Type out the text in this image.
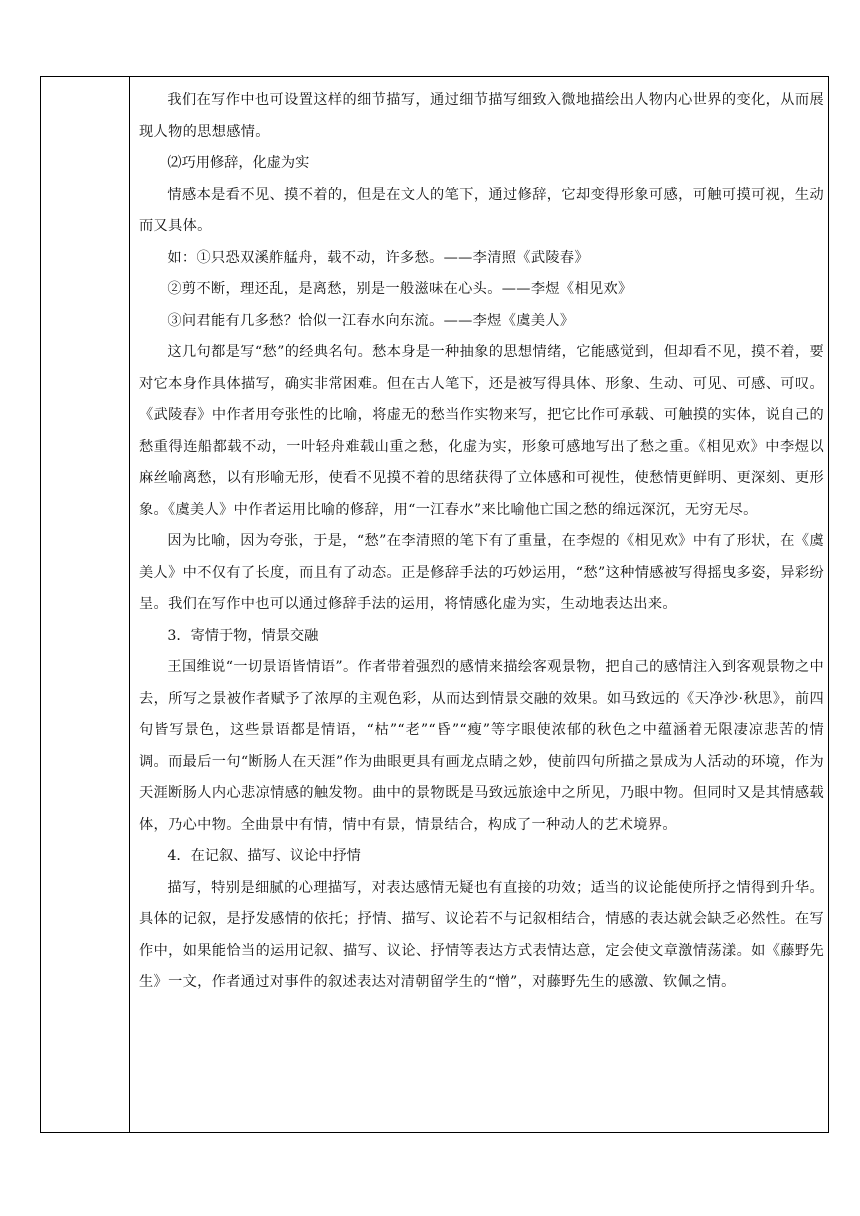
我们在写作中也可设置这样的细节描写，通过细节描写细致入微地描绘出人物内心世界的变化，从而展现人物的思想感情。

⑵巧用修辞，化虚为实

情感本是看不见、摸不着的，但是在文人的笔下，通过修辞，它却变得形象可感，可触可摸可视，生动而又具体。

如：①只恐双溪舴艋舟，载不动，许多愁。——李清照《武陵春》

②剪不断，理还乱，是离愁，别是一般滋味在心头。——李煜《相见欢》

③问君能有几多愁？恰似一江春水向东流。——李煜《虞美人》

这几句都是写“愁”的经典名句。愁本身是一种抽象的思想情绪，它能感觉到，但却看不见，摸不着，要对它本身作具体描写，确实非常困难。但在古人笔下，还是被写得具体、形象、生动、可见、可感、可叹。《武陵春》中作者用夸张性的比喻，将虚无的愁当作实物来写，把它比作可承载、可触摸的实体，说自己的愁重得连船都载不动，一叶轻舟难载山重之愁，化虚为实，形象可感地写出了愁之重。《相见欢》中李煜以麻丝喻离愁，以有形喻无形，使看不见摸不着的思绪获得了立体感和可视性，使愁情更鲜明、更深刻、更形象。《虞美人》中作者运用比喻的修辞，用“一江春水”来比喻他亡国之愁的绵远深沉，无穷无尽。

因为比喻，因为夸张，于是，“愁”在李清照的笔下有了重量，在李煜的《相见欢》中有了形状，在《虞美人》中不仅有了长度，而且有了动态。正是修辞手法的巧妙运用，“愁”这种情感被写得摇曳多姿，异彩纷呈。我们在写作中也可以通过修辞手法的运用，将情感化虚为实，生动地表达出来。

3．寄情于物，情景交融

王国维说“一切景语皆情语”。作者带着强烈的感情来描绘客观景物，把自己的感情注入到客观景物之中去，所写之景被作者赋予了浓厚的主观色彩，从而达到情景交融的效果。如马致远的《天净沙·秋思》，前四句皆写景色，这些景语都是情语，“枯”“老”“昏”“瘦”等字眼使浓郁的秋色之中蕴涵着无限凄凉悲苦的情调。而最后一句“断肠人在天涯”作为曲眼更具有画龙点睛之妙，使前四句所描之景成为人活动的环境，作为天涯断肠人内心悲凉情感的触发物。曲中的景物既是马致远旅途中之所见，乃眼中物。但同时又是其情感载体，乃心中物。全曲景中有情，情中有景，情景结合，构成了一种动人的艺术境界。

4．在记叙、描写、议论中抒情

描写，特别是细腻的心理描写，对表达感情无疑也有直接的功效；适当的议论能使所抒之情得到升华。具体的记叙，是抒发感情的依托；抒情、描写、议论若不与记叙相结合，情感的表达就会缺乏必然性。在写作中，如果能恰当的运用记叙、描写、议论、抒情等表达方式表情达意，定会使文章激情荡漾。如《藤野先生》一文，作者通过对事件的叙述表达对清朝留学生的“憎”，对藤野先生的感激、钦佩之情。
